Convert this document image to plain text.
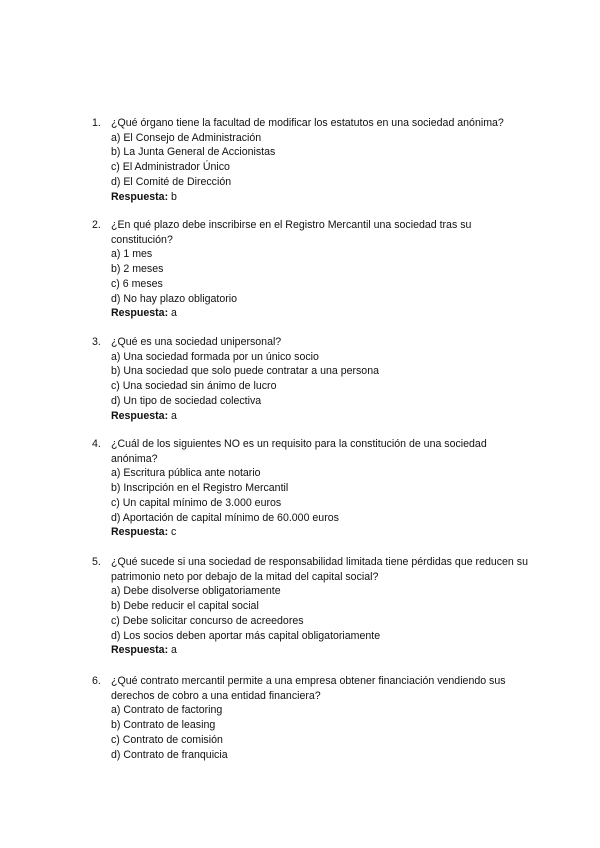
1. ¿Qué órgano tiene la facultad de modificar los estatutos en una sociedad anónima?
a) El Consejo de Administración
b) La Junta General de Accionistas
c) El Administrador Único
d) El Comité de Dirección
Respuesta: b
2. ¿En qué plazo debe inscribirse en el Registro Mercantil una sociedad tras su constitución?
a) 1 mes
b) 2 meses
c) 6 meses
d) No hay plazo obligatorio
Respuesta: a
3. ¿Qué es una sociedad unipersonal?
a) Una sociedad formada por un único socio
b) Una sociedad que solo puede contratar a una persona
c) Una sociedad sin ánimo de lucro
d) Un tipo de sociedad colectiva
Respuesta: a
4. ¿Cuál de los siguientes NO es un requisito para la constitución de una sociedad anónima?
a) Escritura pública ante notario
b) Inscripción en el Registro Mercantil
c) Un capital mínimo de 3.000 euros
d) Aportación de capital mínimo de 60.000 euros
Respuesta: c
5. ¿Qué sucede si una sociedad de responsabilidad limitada tiene pérdidas que reducen su patrimonio neto por debajo de la mitad del capital social?
a) Debe disolverse obligatoriamente
b) Debe reducir el capital social
c) Debe solicitar concurso de acreedores
d) Los socios deben aportar más capital obligatoriamente
Respuesta: a
6. ¿Qué contrato mercantil permite a una empresa obtener financiación vendiendo sus derechos de cobro a una entidad financiera?
a) Contrato de factoring
b) Contrato de leasing
c) Contrato de comisión
d) Contrato de franquicia
